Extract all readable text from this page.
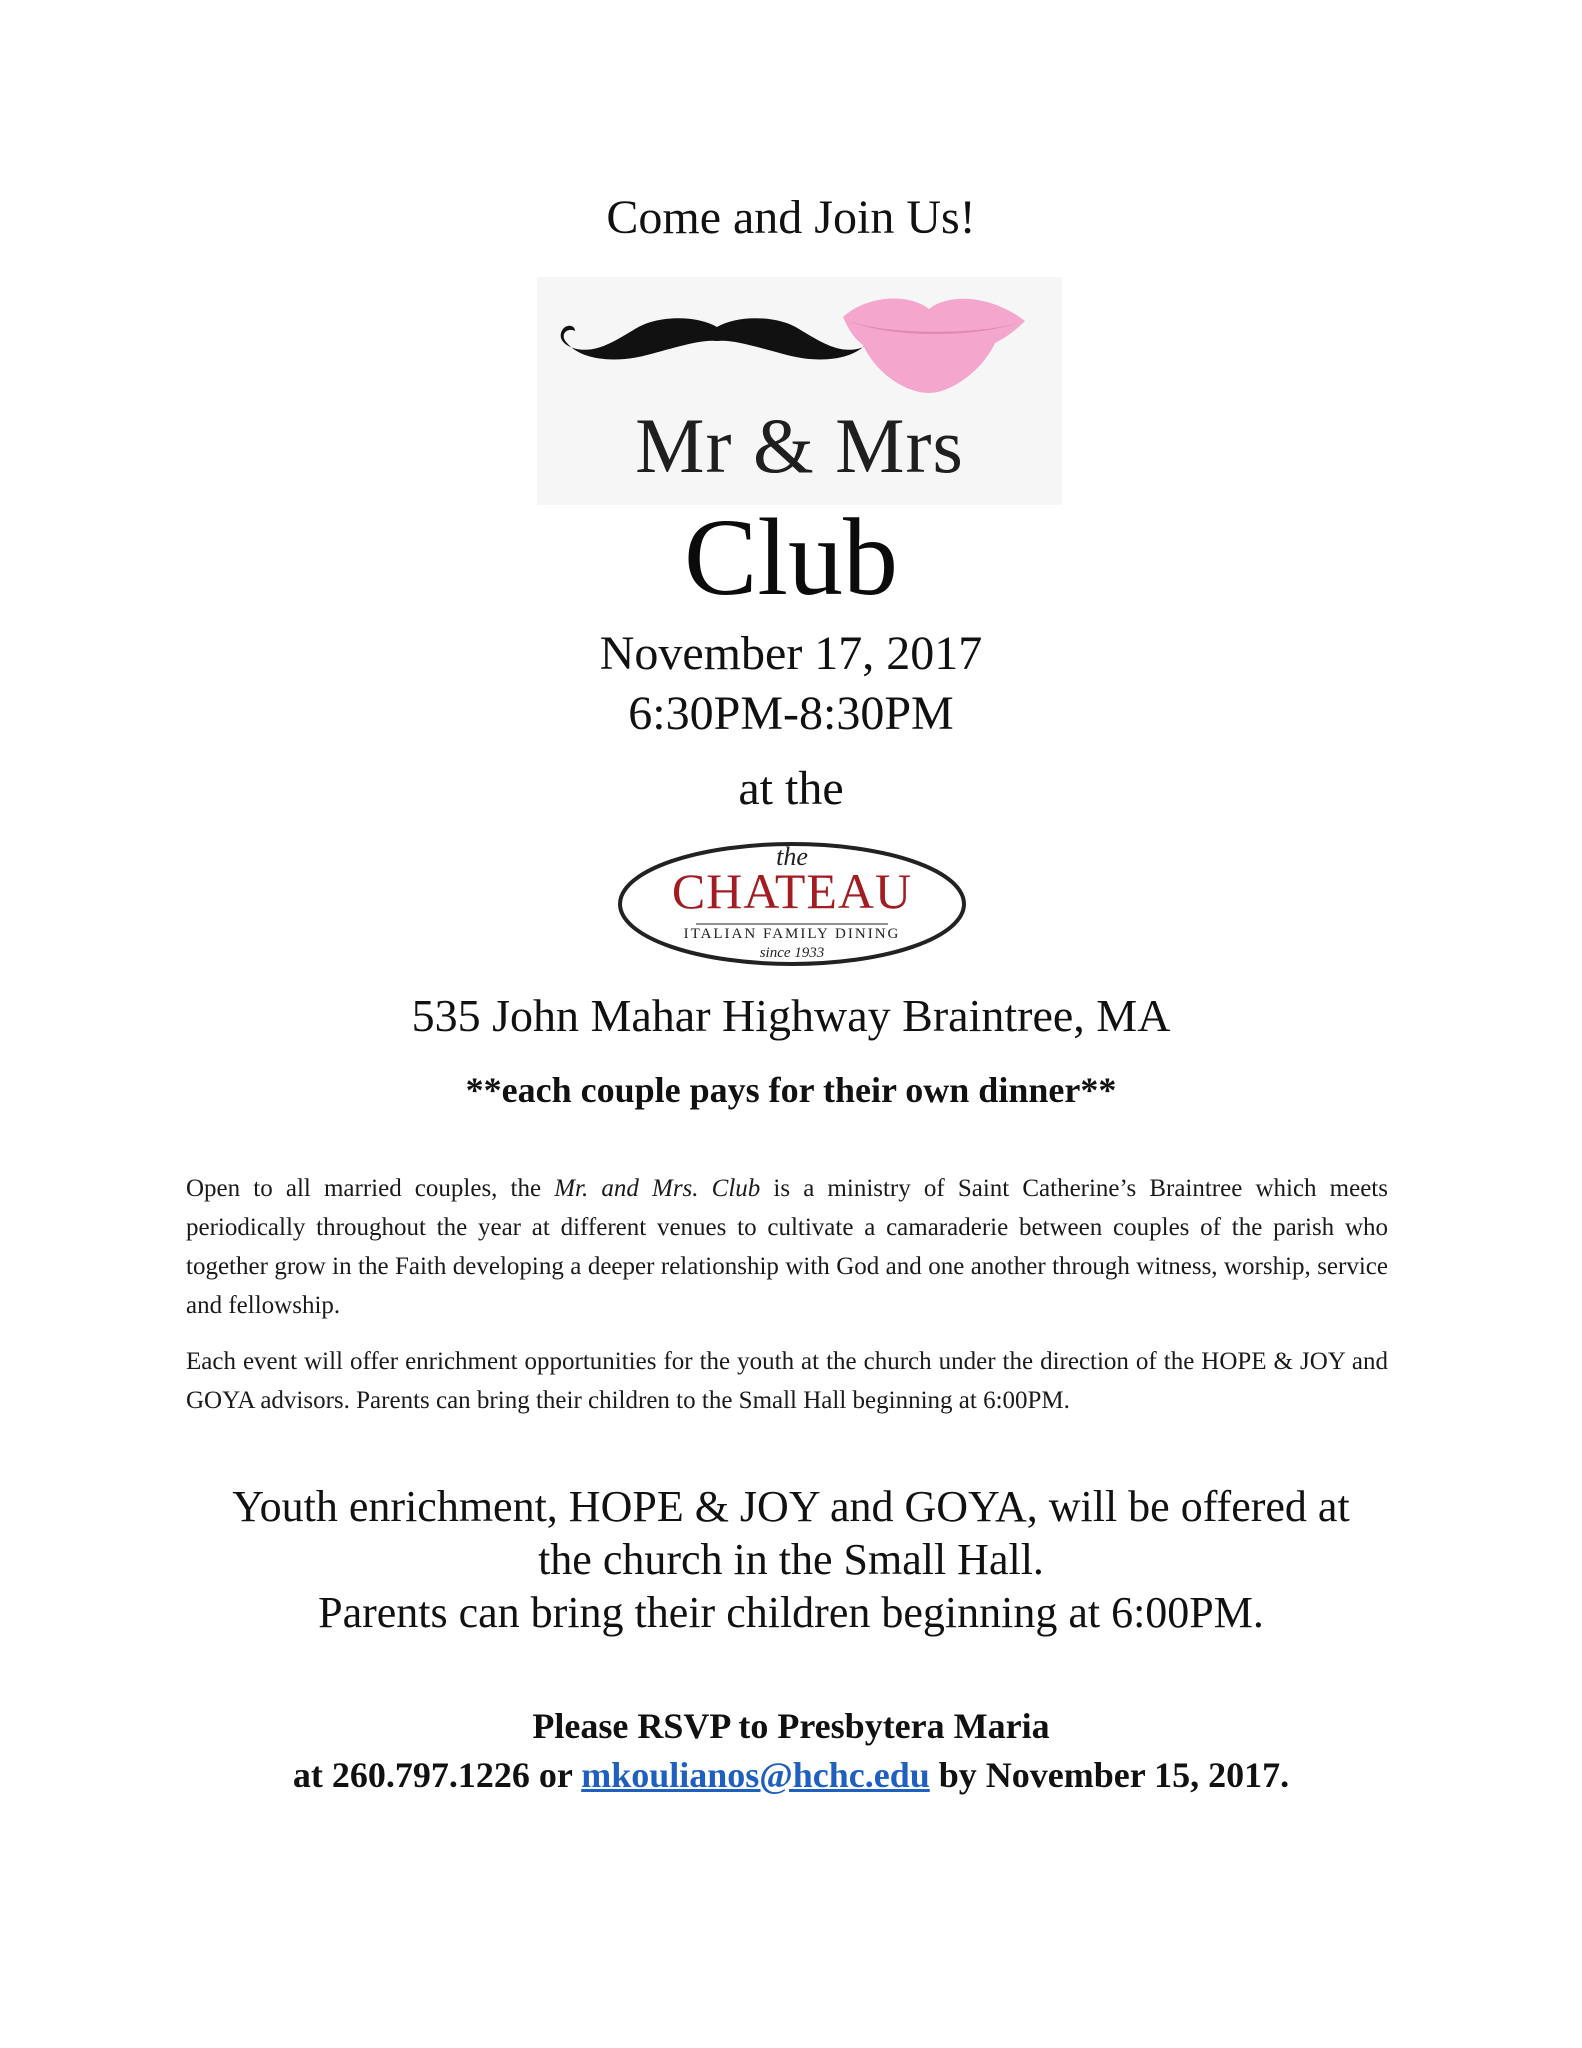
Come and Join Us!
Mr & Mrs
Club
November 17, 2017
6:30PM-8:30PM
at the
the
CHATEAU
ITALIAN FAMILY DINING
since 1933
535 John Mahar Highway Braintree, MA
**each couple pays for their own dinner**
Open to all married couples, the Mr. and Mrs. Club is a ministry of Saint Catherine’s Braintree which meets periodically throughout the year at different venues to cultivate a camaraderie between couples of the parish who together grow in the Faith developing a deeper relationship with God and one another through witness, worship, service and fellowship.
Each event will offer enrichment opportunities for the youth at the church under the direction of the HOPE & JOY and GOYA advisors. Parents can bring their children to the Small Hall beginning at 6:00PM.
Youth enrichment, HOPE & JOY and GOYA, will be offered at
the church in the Small Hall.
Parents can bring their children beginning at 6:00PM.
Please RSVP to Presbytera Maria
at 260.797.1226 or mkoulianos@hchc.edu by November 15, 2017.
